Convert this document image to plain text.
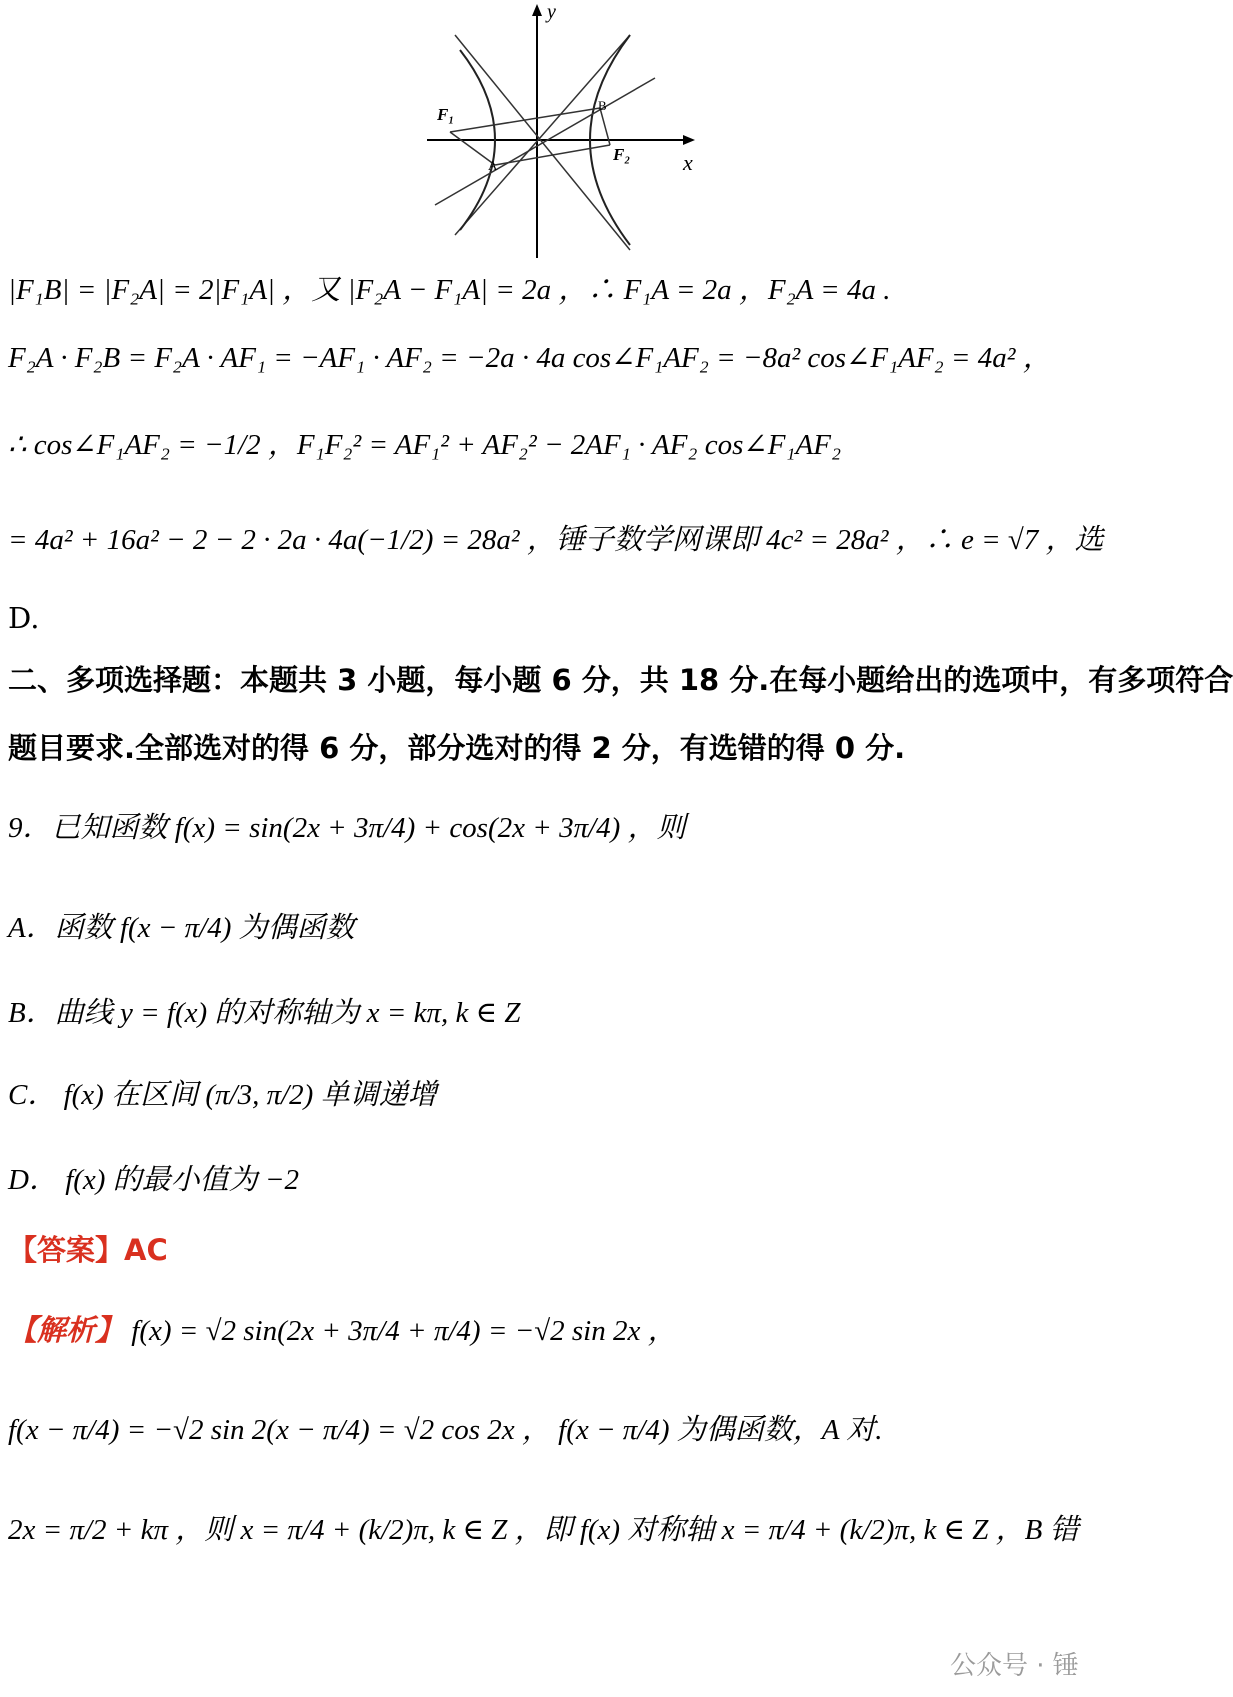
y
x
F₁
F₂
A
B
|F₁B| = |F₂A| = 2|F₁A| ，又 |F₂A − F₁A| = 2a ，∴ F₁A = 2a ，F₂A = 4a .
F₂A · F₂B = F₂A · AF₁ = −AF₁ · AF₂ = −2a · 4a cos∠F₁AF₂ = −8a² cos∠F₁AF₂ = 4a² ，
∴ cos∠F₁AF₂ = −1/2 ，F₁F₂² = AF₁² + AF₂² − 2AF₁ · AF₂ cos∠F₁AF₂
= 4a² + 16a² − 2 − 2 · 2a · 4a(−1/2) = 28a² ，锤子数学网课即 4c² = 28a² ，∴ e = √7 ，选
D.
二、多项选择题：本题共 3 小题，每小题 6 分，共 18 分.在每小题给出的选项中，有多项符合
题目要求.全部选对的得 6 分，部分选对的得 2 分，有选错的得 0 分.
9．已知函数 f(x) = sin(2x + 3π/4) + cos(2x + 3π/4) ，则
A．函数 f(x − π/4) 为偶函数
B．曲线 y = f(x) 的对称轴为 x = kπ, k ∈ Z
C． f(x) 在区间 (π/3, π/2) 单调递增
D． f(x) 的最小值为 −2
【答案】AC
【解析】 f(x) = √2 sin(2x + 3π/4 + π/4) = −√2 sin 2x ，
f(x − π/4) = −√2 sin 2(x − π/4) = √2 cos 2x ， f(x − π/4) 为偶函数，A 对.
2x = π/2 + kπ ，则 x = π/4 + (k/2)π, k ∈ Z ，即 f(x) 对称轴 x = π/4 + (k/2)π, k ∈ Z ，B 错
公众号 · 锤
